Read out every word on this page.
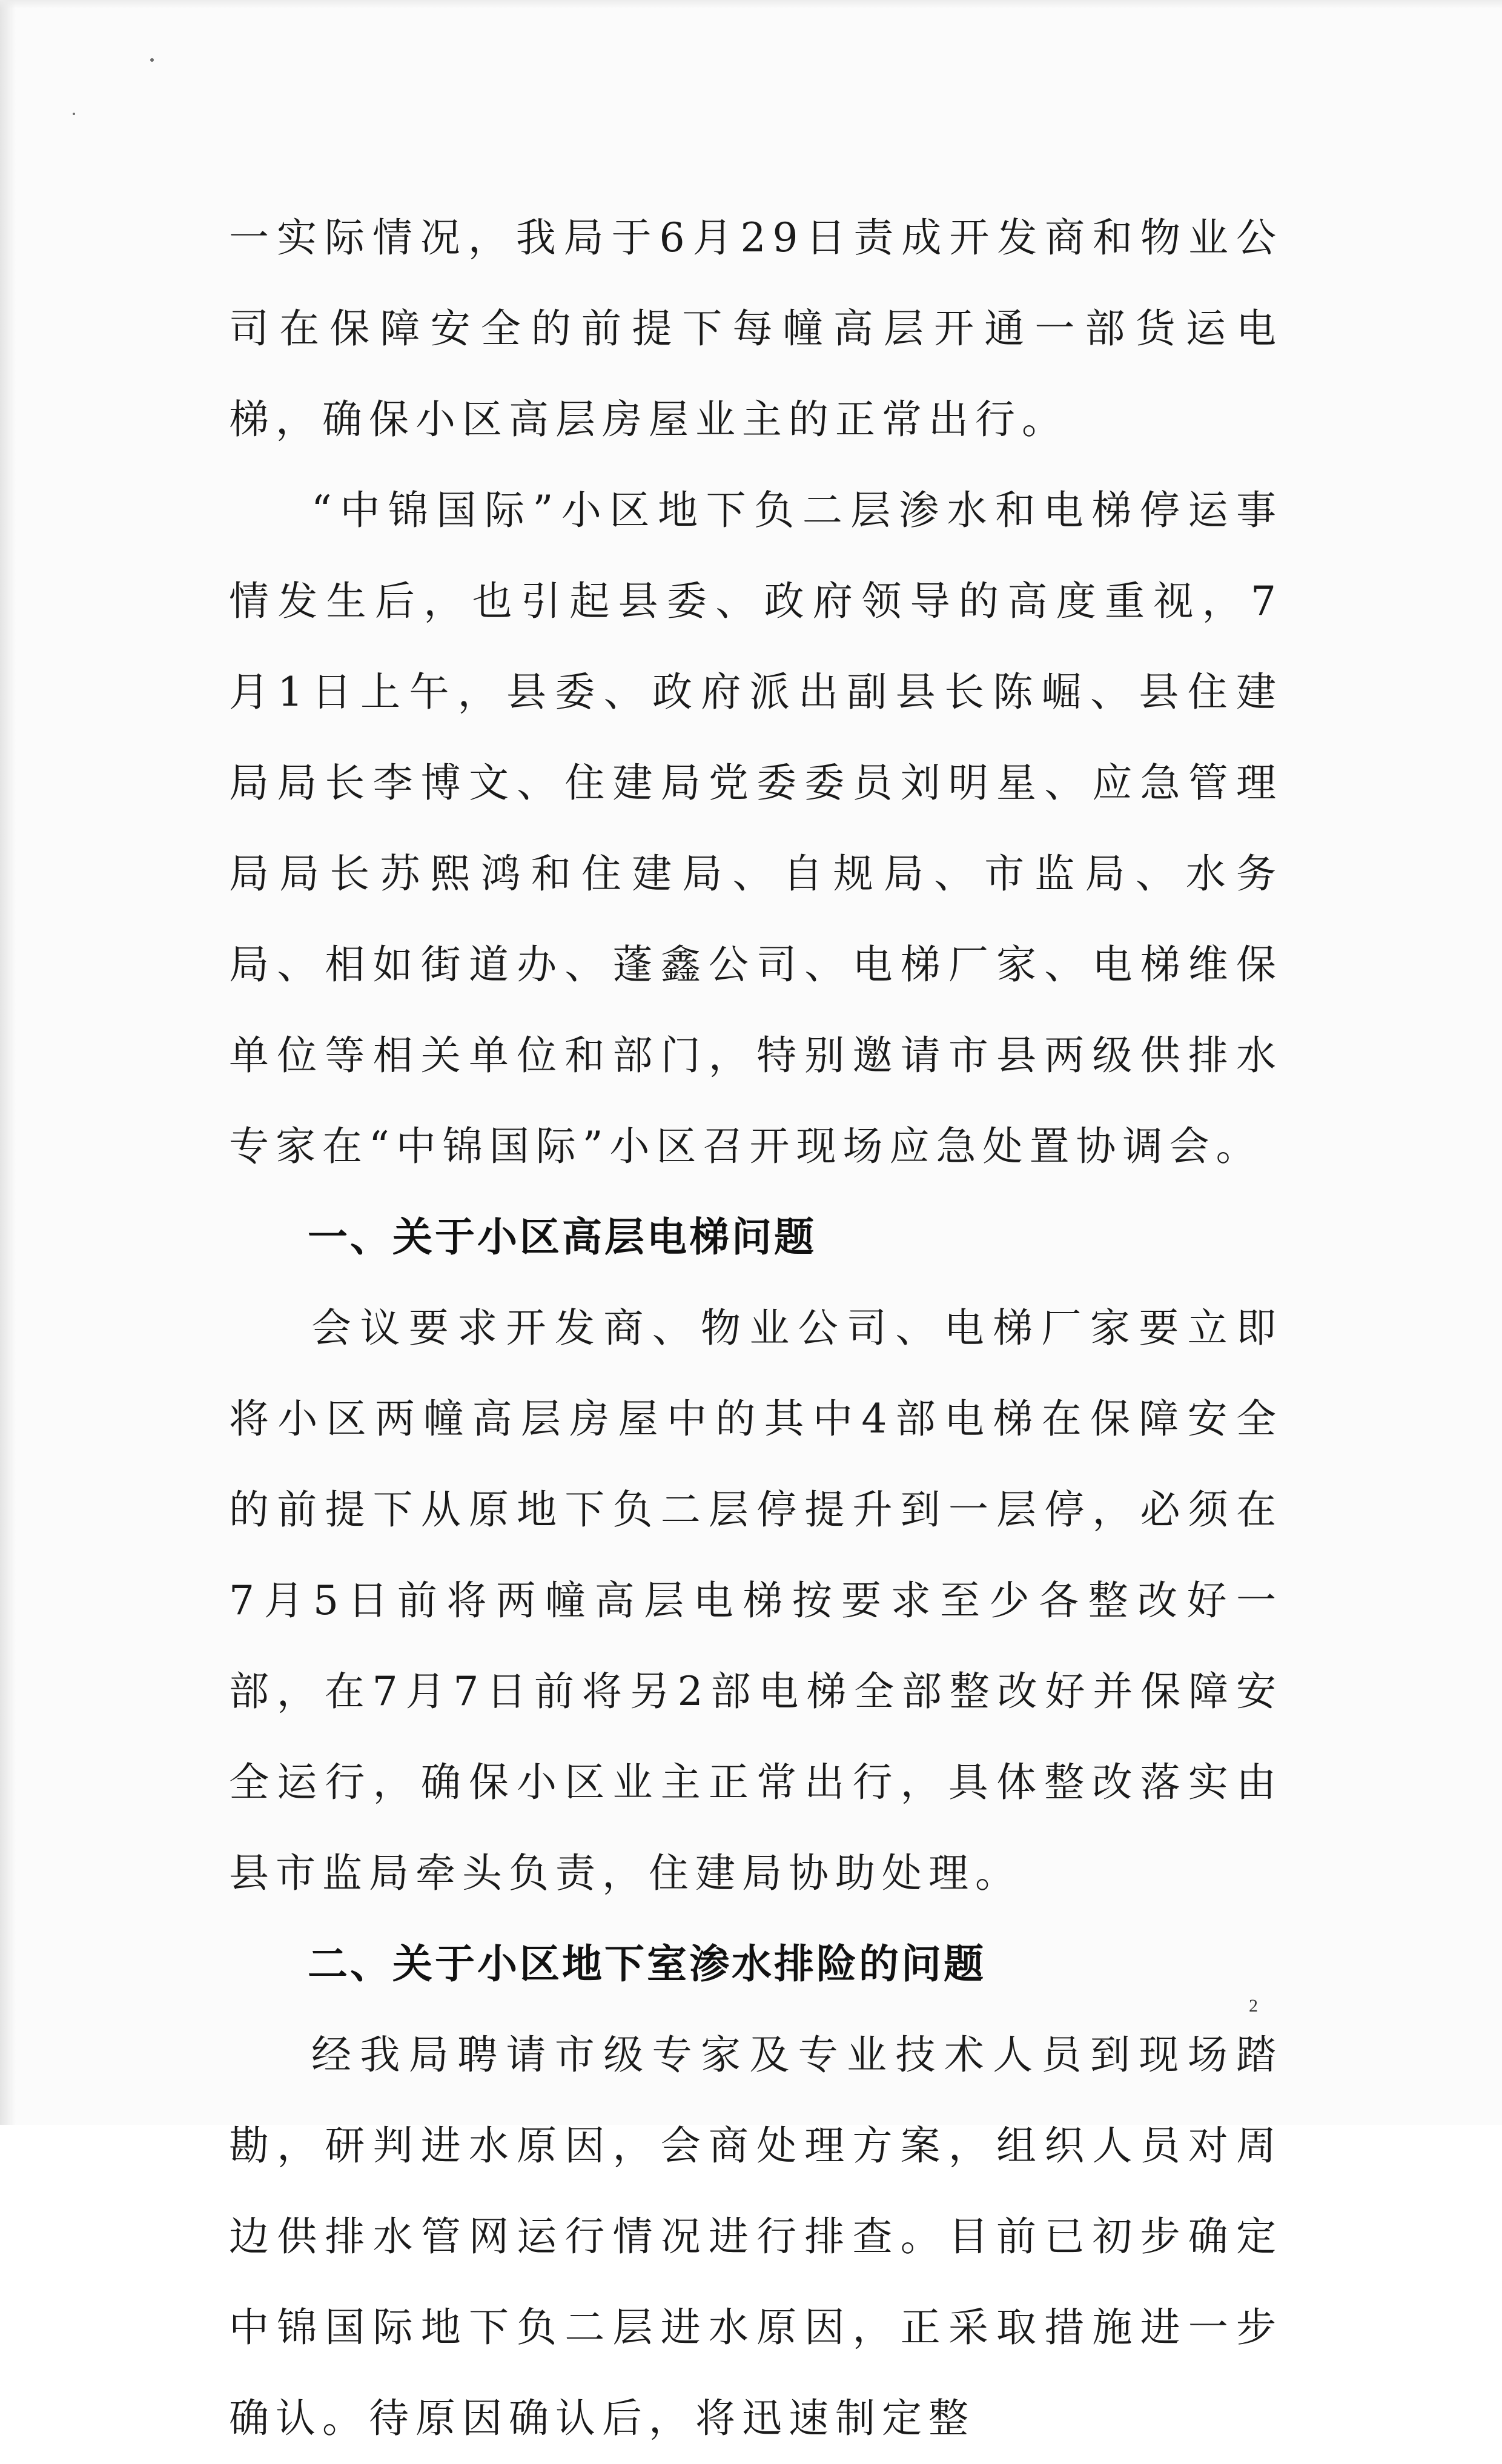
一实际情况，我局于6月29日责成开发商和物业公司在保障安全的前提下每幢高层开通一部货运电梯，确保小区高层房屋业主的正常出行。

“中锦国际”小区地下负二层渗水和电梯停运事情发生后，也引起县委、政府领导的高度重视，7月1日上午，县委、政府派出副县长陈崛、县住建局局长李博文、住建局党委委员刘明星、应急管理局局长苏熙鸿和住建局、自规局、市监局、水务局、相如街道办、蓬鑫公司、电梯厂家、电梯维保单位等相关单位和部门，特别邀请市县两级供排水专家在“中锦国际”小区召开现场应急处置协调会。

一、关于小区高层电梯问题

会议要求开发商、物业公司、电梯厂家要立即将小区两幢高层房屋中的其中4部电梯在保障安全的前提下从原地下负二层停提升到一层停，必须在7月5日前将两幢高层电梯按要求至少各整改好一部，在7月7日前将另2部电梯全部整改好并保障安全运行，确保小区业主正常出行，具体整改落实由县市监局牵头负责，住建局协助处理。

二、关于小区地下室渗水排险的问题

经我局聘请市级专家及专业技术人员到现场踏勘，研判进水原因，会商处理方案，组织人员对周边供排水管网运行情况进行排查。目前已初步确定中锦国际地下负二层进水原因，正采取措施进一步确认。待原因确认后，将迅速制定整

2
